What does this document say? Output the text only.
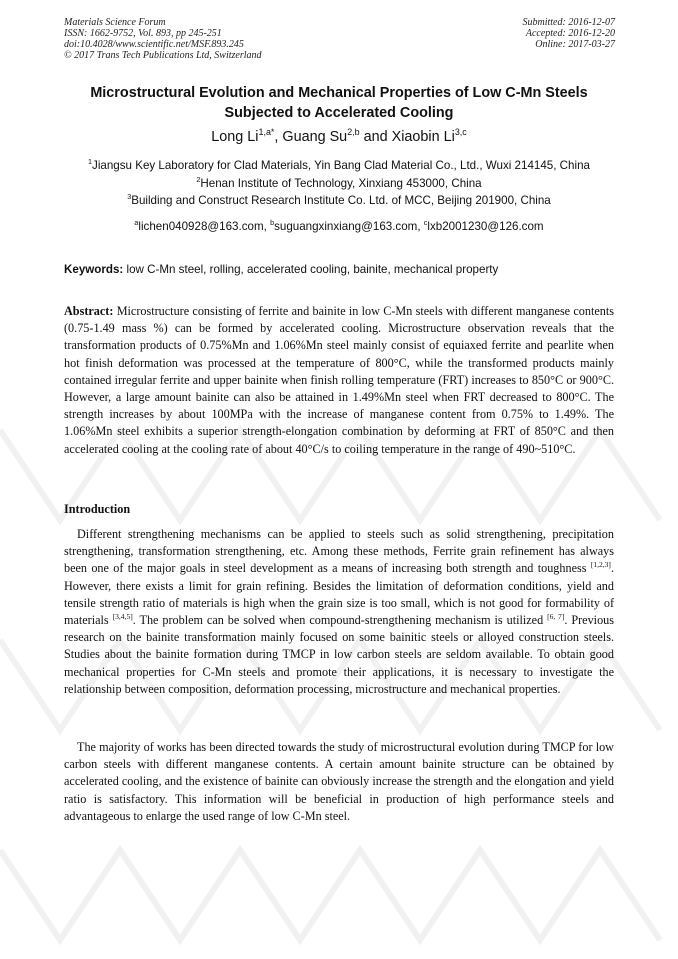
Materials Science Forum
ISSN: 1662-9752, Vol. 893, pp 245-251
doi:10.4028/www.scientific.net/MSF.893.245
© 2017 Trans Tech Publications Ltd, Switzerland
Submitted: 2016-12-07
Accepted: 2016-12-20
Online: 2017-03-27
Microstructural Evolution and Mechanical Properties of Low C-Mn Steels
Subjected to Accelerated Cooling
Long $Li^{1,a*}$, Guang Su$^{2,b}$ and Xiaobin Li$^{3,c}$
$^1$Jiangsu Key Laboratory for Clad Materials, Yin Bang Clad Material Co., Ltd., Wuxi 214145, China
$^2$Henan Institute of Technology, Xinxiang 453000, China
$^3$Building and Construct Research Institute Co. Ltd. of MCC, Beijing 201900, China
$^a$lichen040928@163.com, $^b$suguangxinxiang@163.com, $^c$lxb2001230@126.com
Keywords: low C-Mn steel, rolling, accelerated cooling, bainite, mechanical property
Abstract: Microstructure consisting of ferrite and bainite in low C-Mn steels with different manganese contents (0.75-1.49 mass %) can be formed by accelerated cooling. Microstructure observation reveals that the transformation products of 0.75%Mn and 1.06%Mn steel mainly consist of equiaxed ferrite and pearlite when hot finish deformation was processed at the temperature of 800°C, while the transformed products mainly contained irregular ferrite and upper bainite when finish rolling temperature (FRT) increases to 850°C or 900°C. However, a large amount bainite can also be attained in 1.49%Mn steel when FRT decreased to 800°C. The strength increases by about 100MPa with the increase of manganese content from 0.75% to 1.49%. The 1.06%Mn steel exhibits a superior strength-elongation combination by deforming at FRT of 850°C and then accelerated cooling at the cooling rate of about 40°C/s to coiling temperature in the range of 490~510°C.
Introduction
Different strengthening mechanisms can be applied to steels such as solid strengthening, precipitation strengthening, transformation strengthening, etc. Among these methods, Ferrite grain refinement has always been one of the major goals in steel development as a means of increasing both strength and toughness [1,2,3]. However, there exists a limit for grain refining. Besides the limitation of deformation conditions, yield and tensile strength ratio of materials is high when the grain size is too small, which is not good for formability of materials [3,4,5]. The problem can be solved when compound-strengthening mechanism is utilized [6, 7]. Previous research on the bainite transformation mainly focused on some bainitic steels or alloyed construction steels. Studies about the bainite formation during TMCP in low carbon steels are seldom available. To obtain good mechanical properties for C-Mn steels and promote their applications, it is necessary to investigate the relationship between composition, deformation processing, microstructure and mechanical properties.
The majority of works has been directed towards the study of microstructural evolution during TMCP for low carbon steels with different manganese contents. A certain amount bainite structure can be obtained by accelerated cooling, and the existence of bainite can obviously increase the strength and the elongation and yield ratio is satisfactory. This information will be beneficial in production of high performance steels and advantageous to enlarge the used range of low C-Mn steel.
